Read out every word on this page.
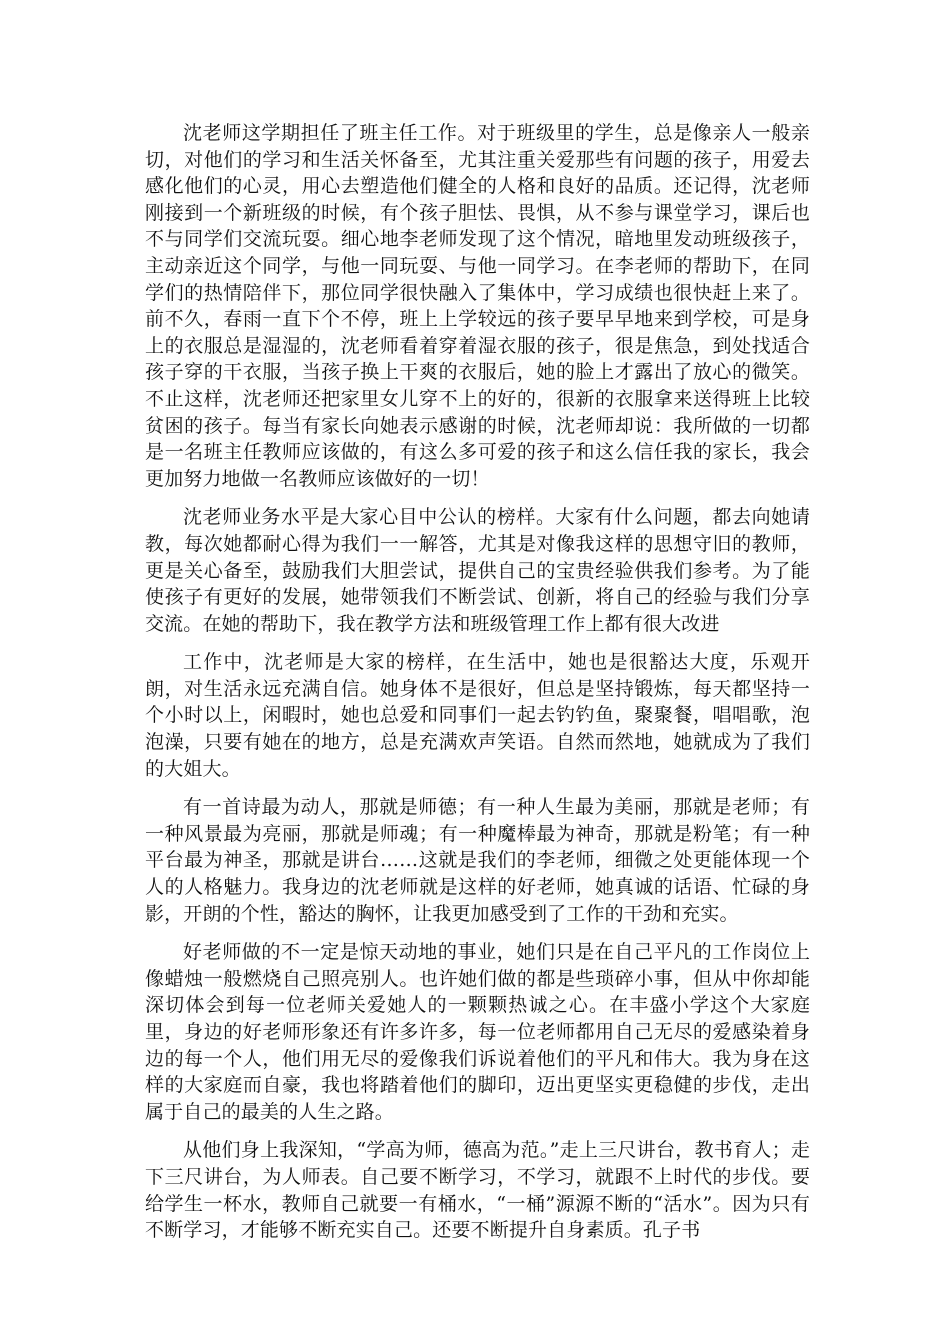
沈老师这学期担任了班主任工作。对于班级里的学生，总是像亲人一般亲切，对他们的学习和生活关怀备至，尤其注重关爱那些有问题的孩子，用爱去感化他们的心灵，用心去塑造他们健全的人格和良好的品质。还记得，沈老师刚接到一个新班级的时候，有个孩子胆怯、畏惧，从不参与课堂学习，课后也不与同学们交流玩耍。细心地李老师发现了这个情况，暗地里发动班级孩子，主动亲近这个同学，与他一同玩耍、与他一同学习。在李老师的帮助下，在同学们的热情陪伴下，那位同学很快融入了集体中，学习成绩也很快赶上来了。前不久，春雨一直下个不停，班上上学较远的孩子要早早地来到学校，可是身上的衣服总是湿湿的，沈老师看着穿着湿衣服的孩子，很是焦急，到处找适合孩子穿的干衣服，当孩子换上干爽的衣服后，她的脸上才露出了放心的微笑。不止这样，沈老师还把家里女儿穿不上的好的，很新的衣服拿来送得班上比较贫困的孩子。每当有家长向她表示感谢的时候，沈老师却说：我所做的一切都是一名班主任教师应该做的，有这么多可爱的孩子和这么信任我的家长，我会更加努力地做一名教师应该做好的一切！

沈老师业务水平是大家心目中公认的榜样。大家有什么问题，都去向她请教，每次她都耐心得为我们一一解答，尤其是对像我这样的思想守旧的教师，更是关心备至，鼓励我们大胆尝试，提供自己的宝贵经验供我们参考。为了能使孩子有更好的发展，她带领我们不断尝试、创新，将自己的经验与我们分享交流。在她的帮助下，我在教学方法和班级管理工作上都有很大改进

工作中，沈老师是大家的榜样，在生活中，她也是很豁达大度，乐观开朗，对生活永远充满自信。她身体不是很好，但总是坚持锻炼，每天都坚持一个小时以上，闲暇时，她也总爱和同事们一起去钓钓鱼，聚聚餐，唱唱歌，泡泡澡，只要有她在的地方，总是充满欢声笑语。自然而然地，她就成为了我们的大姐大。

有一首诗最为动人，那就是师德；有一种人生最为美丽，那就是老师；有一种风景最为亮丽，那就是师魂；有一种魔棒最为神奇，那就是粉笔；有一种平台最为神圣，那就是讲台……这就是我们的李老师，细微之处更能体现一个人的人格魅力。我身边的沈老师就是这样的好老师，她真诚的话语、忙碌的身影，开朗的个性，豁达的胸怀，让我更加感受到了工作的干劲和充实。

好老师做的不一定是惊天动地的事业，她们只是在自己平凡的工作岗位上像蜡烛一般燃烧自己照亮别人。也许她们做的都是些琐碎小事，但从中你却能深切体会到每一位老师关爱她人的一颗颗热诚之心。在丰盛小学这个大家庭里，身边的好老师形象还有许多许多，每一位老师都用自己无尽的爱感染着身边的每一个人，他们用无尽的爱像我们诉说着他们的平凡和伟大。我为身在这样的大家庭而自豪，我也将踏着他们的脚印，迈出更坚实更稳健的步伐，走出属于自己的最美的人生之路。

从他们身上我深知，“学高为师，德高为范。”走上三尺讲台，教书育人；走下三尺讲台，为人师表。自己要不断学习，不学习，就跟不上时代的步伐。要给学生一杯水，教师自己就要一有桶水，“一桶”源源不断的“活水”。因为只有不断学习，才能够不断充实自己。还要不断提升自身素质。孔子书
